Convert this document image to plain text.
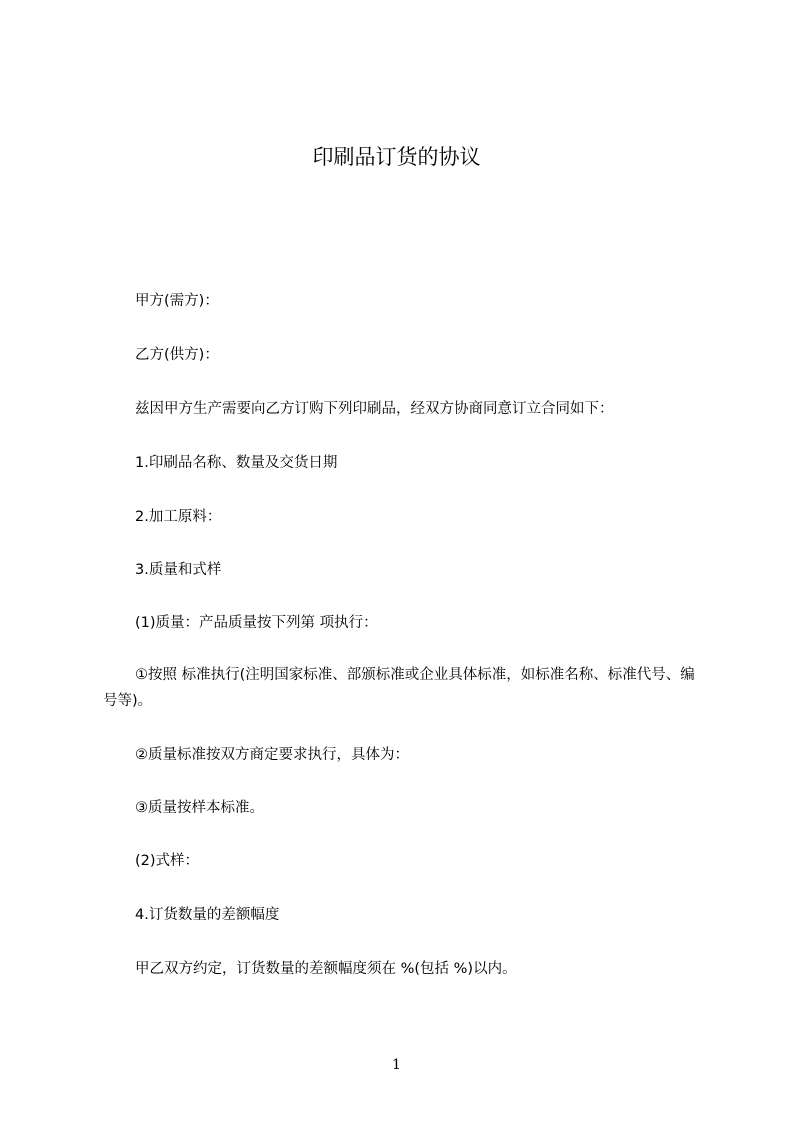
印刷品订货的协议

甲方(需方)：

乙方(供方)：

兹因甲方生产需要向乙方订购下列印刷品，经双方协商同意订立合同如下：

1.印刷品名称、数量及交货日期

2.加工原料：

3.质量和式样

(1)质量：产品质量按下列第 项执行：

①按照 标准执行(注明国家标准、部颁标准或企业具体标准，如标准名称、标准代号、编号等)。

②质量标准按双方商定要求执行，具体为：

③质量按样本标准。

(2)式样：

4.订货数量的差额幅度

甲乙双方约定，订货数量的差额幅度须在 %(包括 %)以内。

1
